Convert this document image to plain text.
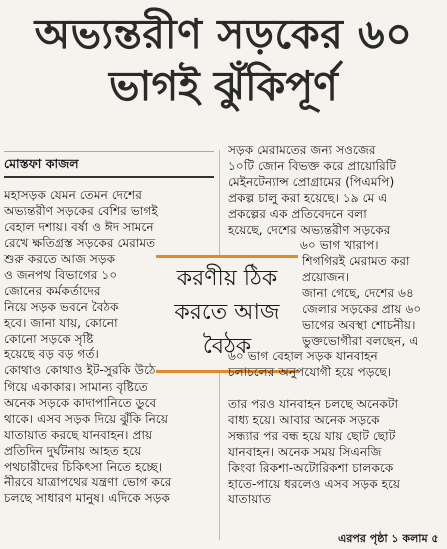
অভ্যন্তরীণ সড়কের ৬০
ভাগই ঝুঁকিপূর্ণ
মোস্তফা কাজল
মহাসড়ক যেমন তেমন দেশের
অভ্যন্তরীণ সড়কের বেশির ভাগই
বেহাল দশায়। বর্ষা ও ঈদ সামনে
রেখে ক্ষতিগ্রস্ত সড়কের মেরামত
শুরু করতে আজ সড়ক
ও জনপথ বিভাগের ১০
জোনের কর্মকর্তাদের
নিয়ে সড়ক ভবনে বৈঠক
হবে। জানা যায়, কোনো
কোনো সড়কে সৃষ্টি
হয়েছে বড় বড় গর্ত।
কোথাও কোথাও ইট-সুরকি উঠে
গিয়ে একাকার। সামান্য বৃষ্টিতে
অনেক সড়কে কাদাপানিতে ডুবে
থাকে। এসব সড়ক দিয়ে ঝুঁকি নিয়ে
যাতায়াত করছে যানবাহন। প্রায়
প্রতিদিন দুর্ঘটনায় আহত হয়ে
পথচারীদের চিকিৎসা নিতে হচ্ছে।
নীরবে যাত্রাপথের যন্ত্রণা ভোগ করে
চলছে সাধারণ মানুষ। এদিকে সড়ক
করণীয় ঠিক করতে আজ বৈঠক
সড়ক মেরামতের জন্য সওজের
১০টি জোন বিভক্ত করে প্রায়োরিটি
মেইনটেন্যান্স প্রোগ্রামের (পিএমপি)
প্রকল্প চালু করা হয়েছে। ১৯ মে এ
প্রকল্পের এক প্রতিবেদনে বলা
হয়েছে, দেশের অভ্যন্তরীণ সড়কের
৬০ ভাগ খারাপ।
শিগগিরই মেরামত করা
প্রয়োজন।
জানা গেছে, দেশের ৬৪
জেলার সড়কের প্রায় ৬০
ভাগের অবস্থা শোচনীয়।
ভুক্তভোগীরা বলছেন, এ
৬০ ভাগ বেহাল সড়ক যানবাহন
চলাচলের অনুপযোগী হয়ে পড়ছে।
তার পরও যানবাহন চলছে অনেকটা
বাধ্য হয়ে। আবার অনেক সড়কে
সন্ধ্যার পর বন্ধ হয়ে যায় ছোট ছোট
যানবাহন। অনেক সময় সিএনজি
কিংবা রিকশা-অটোরিকশা চালককে
হাতে-পায়ে ধরলেও এসব সড়ক হয়ে
যাতায়াত
এরপর পৃষ্ঠা ১ কলাম ৫
